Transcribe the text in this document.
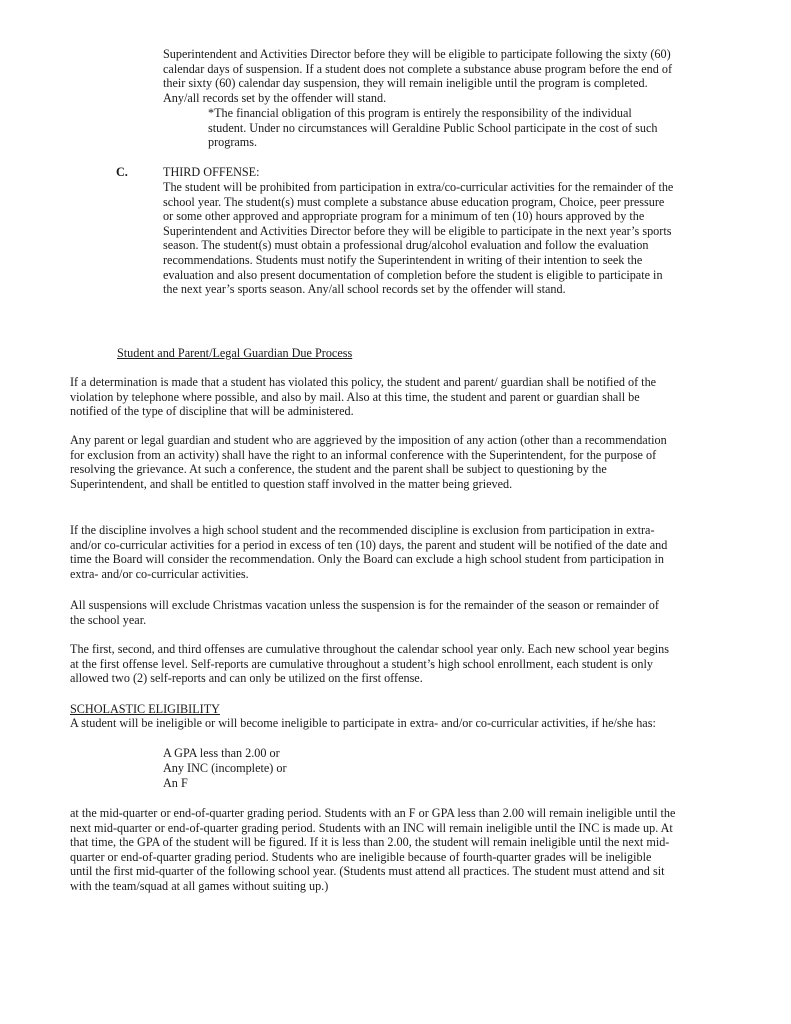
Superintendent and Activities Director before they will be eligible to participate following the sixty (60) calendar days of suspension. If a student does not complete a substance abuse program before the end of their sixty (60) calendar day suspension, they will remain ineligible until the program is completed. Any/all records set by the offender will stand.

*The financial obligation of this program is entirely the responsibility of the individual student. Under no circumstances will Geraldine Public School participate in the cost of such programs.

C.	THIRD OFFENSE:

The student will be prohibited from participation in extra/co-curricular activities for the remainder of the school year. The student(s) must complete a substance abuse education program, Choice, peer pressure or some other approved and appropriate program for a minimum of ten (10) hours approved by the Superintendent and Activities Director before they will be eligible to participate in the next year’s sports season. The student(s) must obtain a professional drug/alcohol evaluation and follow the evaluation recommendations. Students must notify the Superintendent in writing of their intention to seek the evaluation and also present documentation of completion before the student is eligible to participate in the next year’s sports season. Any/all school records set by the offender will stand.

Student and Parent/Legal Guardian Due Process

If a determination is made that a student has violated this policy, the student and parent/ guardian shall be notified of the violation by telephone where possible, and also by mail. Also at this time, the student and parent or guardian shall be notified of the type of discipline that will be administered.

Any parent or legal guardian and student who are aggrieved by the imposition of any action (other than a recommendation for exclusion from an activity) shall have the right to an informal conference with the Superintendent, for the purpose of resolving the grievance. At such a conference, the student and the parent shall be subject to questioning by the Superintendent, and shall be entitled to question staff involved in the matter being grieved.

If the discipline involves a high school student and the recommended discipline is exclusion from participation in extra- and/or co-curricular activities for a period in excess of ten (10) days, the parent and student will be notified of the date and time the Board will consider the recommendation. Only the Board can exclude a high school student from participation in extra- and/or co-curricular activities.

All suspensions will exclude Christmas vacation unless the suspension is for the remainder of the season or remainder of the school year.

The first, second, and third offenses are cumulative throughout the calendar school year only. Each new school year begins at the first offense level. Self-reports are cumulative throughout a student’s high school enrollment, each student is only allowed two (2) self-reports and can only be utilized on the first offense.

SCHOLASTIC ELIGIBILITY

A student will be ineligible or will become ineligible to participate in extra- and/or co-curricular activities, if he/she has:

A GPA less than 2.00 or

Any INC (incomplete) or

An F

at the mid-quarter or end-of-quarter grading period. Students with an F or GPA less than 2.00 will remain ineligible until the next mid-quarter or end-of-quarter grading period. Students with an INC will remain ineligible until the INC is made up. At that time, the GPA of the student will be figured. If it is less than 2.00, the student will remain ineligible until the next mid-quarter or end-of-quarter grading period. Students who are ineligible because of fourth-quarter grades will be ineligible until the first mid-quarter of the following school year. (Students must attend all practices. The student must attend and sit with the team/squad at all games without suiting up.)
